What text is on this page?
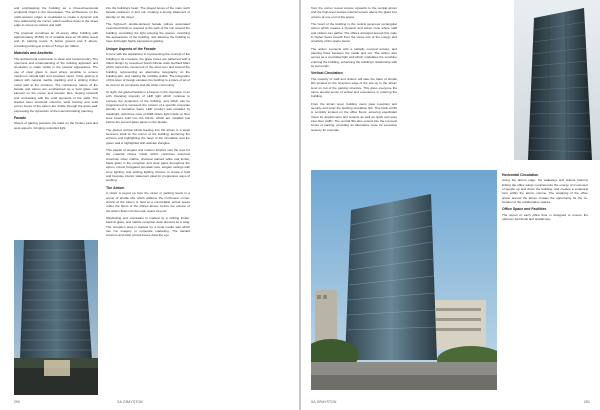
and emphasising the building as a three-dimensional sculptural object in the streetscape. The architecture on the north-western edges is modulated to create a dynamic pull form addressing the corner, which reaches down to the street edge to scoop up visitors and staff.

The proposal comprises an 21-storey office building with approximately 15,500 m² of rentable area on 18 office levels and 11 parking levels, 5 below ground and 6 above, providing parking at a ratio of 5 bays per 100m².

Materials and Aesthetic

The architectural expression is sleek and contemporary. The openness and understanding of the building approach and circulation is made visible in the exterior appearance. The use of clear glass is used where possible to ensure maximum natural light and excellent views. Crisp glazing is paired with natural marble cladding and a striking timber metal wall at the entrance. The continuous nature of the facade and atrium are emphasised as a bold glass void element on the corner and western face, sloping upwards and contrasting with the solid elements of the walls. The slanted steel structural columns, wind bracing and solid corner boxes of the atrium are visible through the glass wall, expressing the dynamism of the internal building planning.

Facade

Slivers of glazing puncture the walls on the frontier east and west aspects, bringing controlled light

into the building's heart. The played boxes of the main north facade cantilever in and out, creating a strong statement of identity on the street.

The high-tech double-skinned facade utilises automated motorised blinds to respond to the path of the sun around the building, controlling the light entering the spaces, morphing the appearance of the building, and allowing the building to have full-height highly transparent glazing.

Unique Aspects of the Facade

In tune with the aspirations to representing the concept of the building in its envelope, the glass boxes are patterned with a fritted design by renowned South African artist Gerhard Marx which traced the movement of the wind over and around the building, representing an alternative topography on the building skin, and making the invisible visible. The integration of this layer of design elevates the building to a place of art of its own for its occupants and the wider community.

At night, the glazed facade is a beacon in the cityscape, in an with changing intensity of LED light which continue to express the dynamism of the building, and which can be programmed to represent the colours of a specific corporate identity. A Grundfos 'warm LED' product was installed by Gasthight, with three rows of RGB ribbon light inside on floor level towers built into the blinds, which are installed just before the second glass panel on the facade.

The glazed vertical blinds feeding into the atrium is a sleek luminous shaft on the corner of the building, anchoring the scheme and highlighting the heart of the circulation and the green wall is highlighted with delicate triangles.

This palette of elegant and modern finishes sets the tone for the material choice inside which combines luxurious American silver marble, charcoal stained white oak timber, black glass in the reception and clear glass throughout the atrium, robust fumigated porcelain tiles, elegant ceilings with cove lighting, and striking lighting choices to create a bold and bespoke interior statement ideal for progressive ways of working.

The Atrium

A visitor is keyed up from the street or parking levels in a scene of shuttle lifts which address the north-west corner. Arrival at the atrium is held at a comfortable arrival space under the floors of the offices above, before the volume of the atrium flows into the main space beyond.

Wayfinding and orientation is marked by a striking timber, back-lit glass, and marble reception desk dressed as a wing. The reception area is backed by a focal media wall which can run imagery or corporate marketing. The slanted columns and solar control boxes draw the eye

250	SA GRAYSTON

from the corner reveal volume upwards to the central atrium and the high-level feature internal terrace above the glass box volume at one end of the space.

The heart of the building is the central generous rectangular atrium which creates a dynamic and active zone where staff and visitors can gather. The offices arranged around this node in higher floors benefit from the views into of the energy and creativity of the space below.

The atrium connects with a partially covered terrace, and planting flows between the inside and out. The atrium also serves as a controlled light well which modulates the sunshine entering the building, enhancing the building's relationship with its surrounds.

Vertical Circulation

The majority of staff and visitors will take the bank of shuttle lifts located on the Grayston edge of the site up to the atrium level on top of the parking structure. This gives everyone the same special sense of arrival and experience in entering the building.

From the atrium level, building users pass reception and security and enter the building circulation link. This bank of lifts is centrally located on the office floors, ensuring equidistant travel for departments and tenants as well as quick and easy inter-floor traffic. The central lifts also extend into the top-level levels of parking, providing an alternative route for executive tenancy for example.

Horizontal Circulation

Along the atrium edge, the walkways and feature balcony linking the office wings complements the energy of movement of people up and down the building, and creates a sculptural form within the atrium volume. The wrapping of the office space around the atrium creates the opportunity for the co-location of the collaborative spaces.

Office Space and Facilities

The layout of each office floor is designed to ensure the optimum functional and spatial rela-

SA GRAYSTON	251
